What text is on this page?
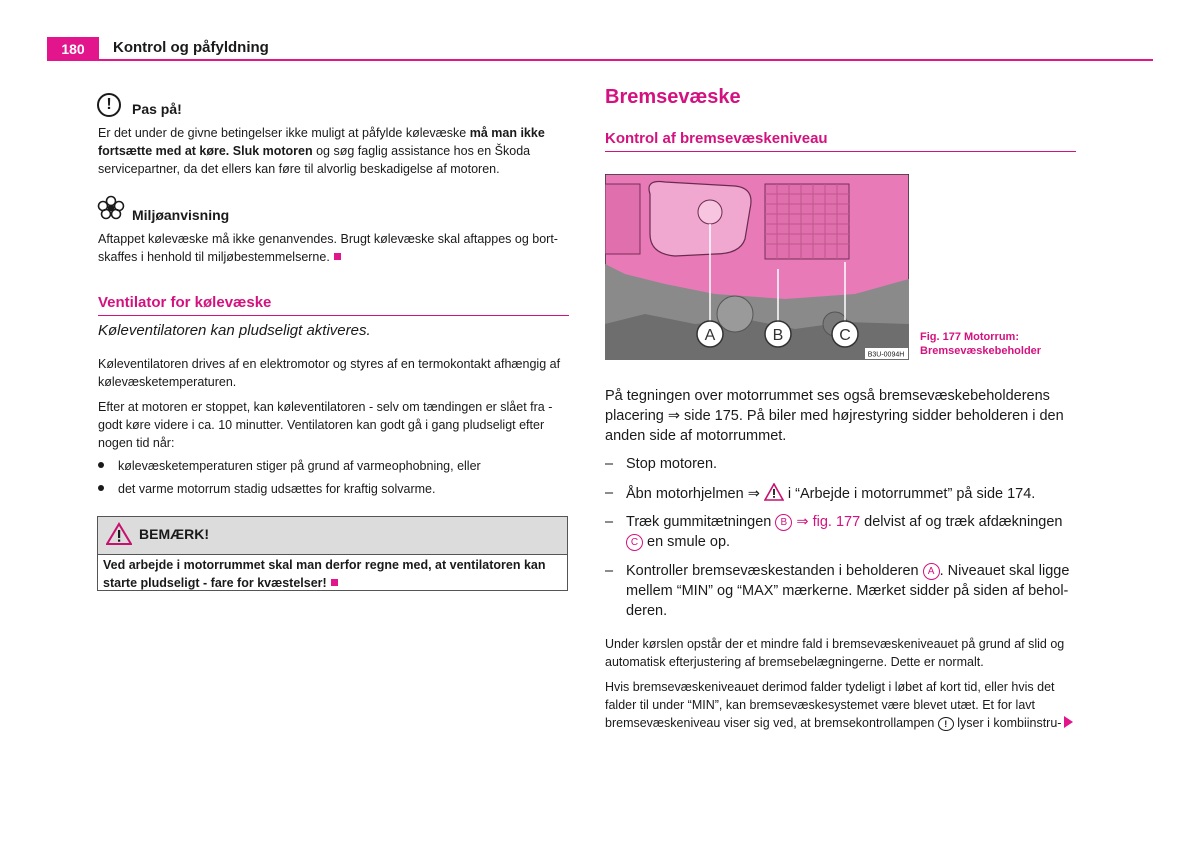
180	Kontrol og påfyldning
!	Pas på!
Er det under de givne betingelser ikke muligt at påfylde kølevæske må man ikke fortsætte med at køre. Sluk motoren og søg faglig assistance hos en Škoda servicepartner, da det ellers kan føre til alvorlig beskadigelse af motoren.
Miljøanvisning
Aftappet kølevæske må ikke genanvendes. Brugt kølevæske skal aftappes og bort-skaffes i henhold til miljøbestemmelserne.
Ventilator for kølevæske
Køleventilatoren kan pludseligt aktiveres.
Køleventilatoren drives af en elektromotor og styres af en termokontakt afhængig af kølevæsketemperaturen.
Efter at motoren er stoppet, kan køleventilatoren - selv om tændingen er slået fra - godt køre videre i ca. 10 minutter. Ventilatoren kan godt gå i gang pludseligt efter nogen tid når:
kølevæsketemperaturen stiger på grund af varmeophobning, eller
det varme motorrum stadig udsættes for kraftig solvarme.
BEMÆRK!
Ved arbejde i motorrummet skal man derfor regne med, at ventilatoren kan starte pludseligt - fare for kvæstelser!
Bremsevæske
Kontrol af bremsevæskeniveau
A	B	C
B3U-0094H
Fig. 177 Motorrum:
Bremsevæskebeholder
På tegningen over motorrummet ses også bremsevæskebeholderens placering ⇒ side 175. På biler med højrestyring sidder beholderen i den anden side af motorrummet.
– Stop motoren.
– Åbn motorhjelmen ⇒  i “Arbejde i motorrummet” på side 174.
– Træk gummitætningen B ⇒ fig. 177 delvist af og træk afdækningen C en smule op.
– Kontroller bremsevæskestanden i beholderen A . Niveauet skal ligge mellem “MIN” og “MAX” mærkerne. Mærket sidder på siden af behol-deren.
Under kørslen opstår der et mindre fald i bremsevæskeniveauet på grund af slid og automatisk efterjustering af bremsebelægningerne. Dette er normalt.
Hvis bremsevæskeniveauet derimod falder tydeligt i løbet af kort tid, eller hvis det falder til under “MIN”, kan bremsevæskesystemet være blevet utæt. Et for lavt bremsevæskeniveau viser sig ved, at bremsekontrollampen ! lyser i kombiinstru-
